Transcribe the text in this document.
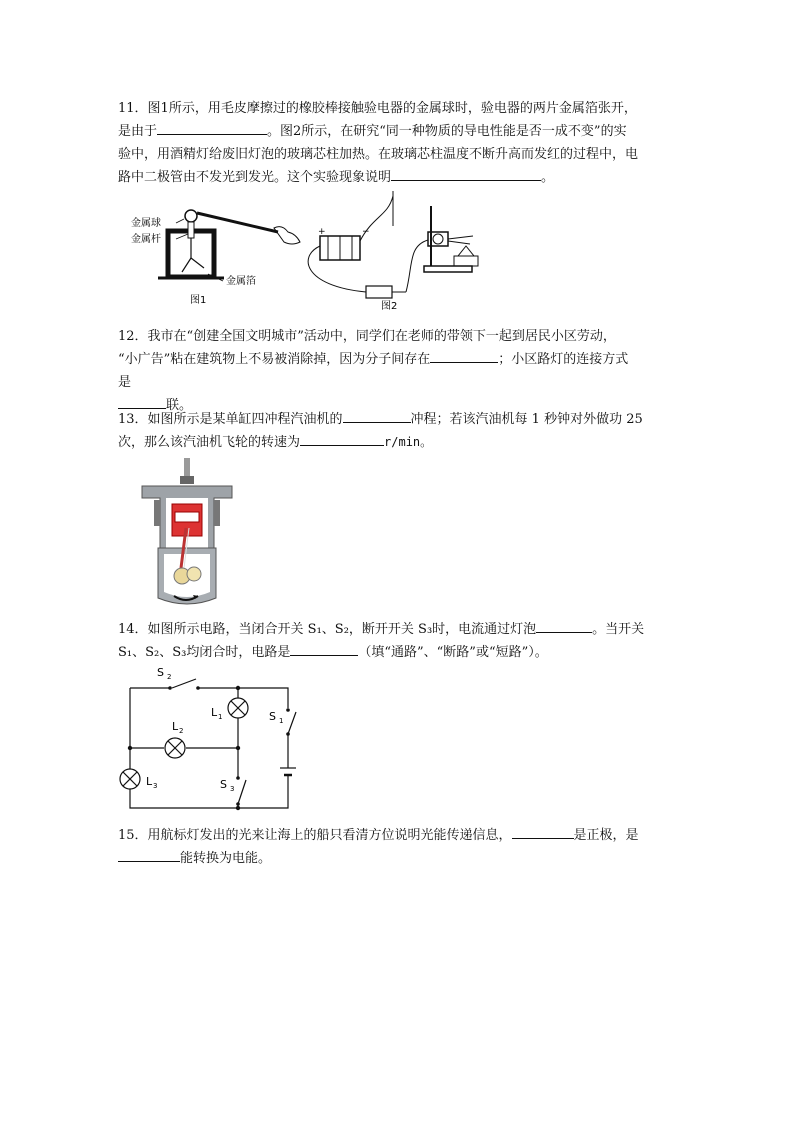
11．图1所示，用毛皮摩擦过的橡胶棒接触验电器的金属球时，验电器的两片金属箔张开，
是由于	。图2所示，在研究“同一种物质的导电性能是否一成不变”的实
验中，用酒精灯给废旧灯泡的玻璃芯柱加热。在玻璃芯柱温度不断升高而发红的过程中，电
路中二极管由不发光到发光。这个实验现象说明	。
金属球
金属杆
金属箔
图1
+	−
图2
12．我市在“创建全国文明城市”活动中，同学们在老师的带领下一起到居民小区劳动，
“小广告”粘在建筑物上不易被消除掉，因为分子间存在	；小区路灯的连接方式
是
联。
13．如图所示是某单缸四冲程汽油机的	冲程；若该汽油机每 1 秒钟对外做功 25
次，那么该汽油机飞轮的转速为	r/min。
14．如图所示电路，当闭合开关 S₁、S₂，断开开关 S₃时，电流通过灯泡	。当开关
S₁、S₂、S₃均闭合时，电路是	（填“通路”、“断路”或“短路”）。
S 2
L 1	S 1
L 2
L 3	S 3
15．用航标灯发出的光来让海上的船只看清方位说明光能传递信息，	是正极，是
能转换为电能。
